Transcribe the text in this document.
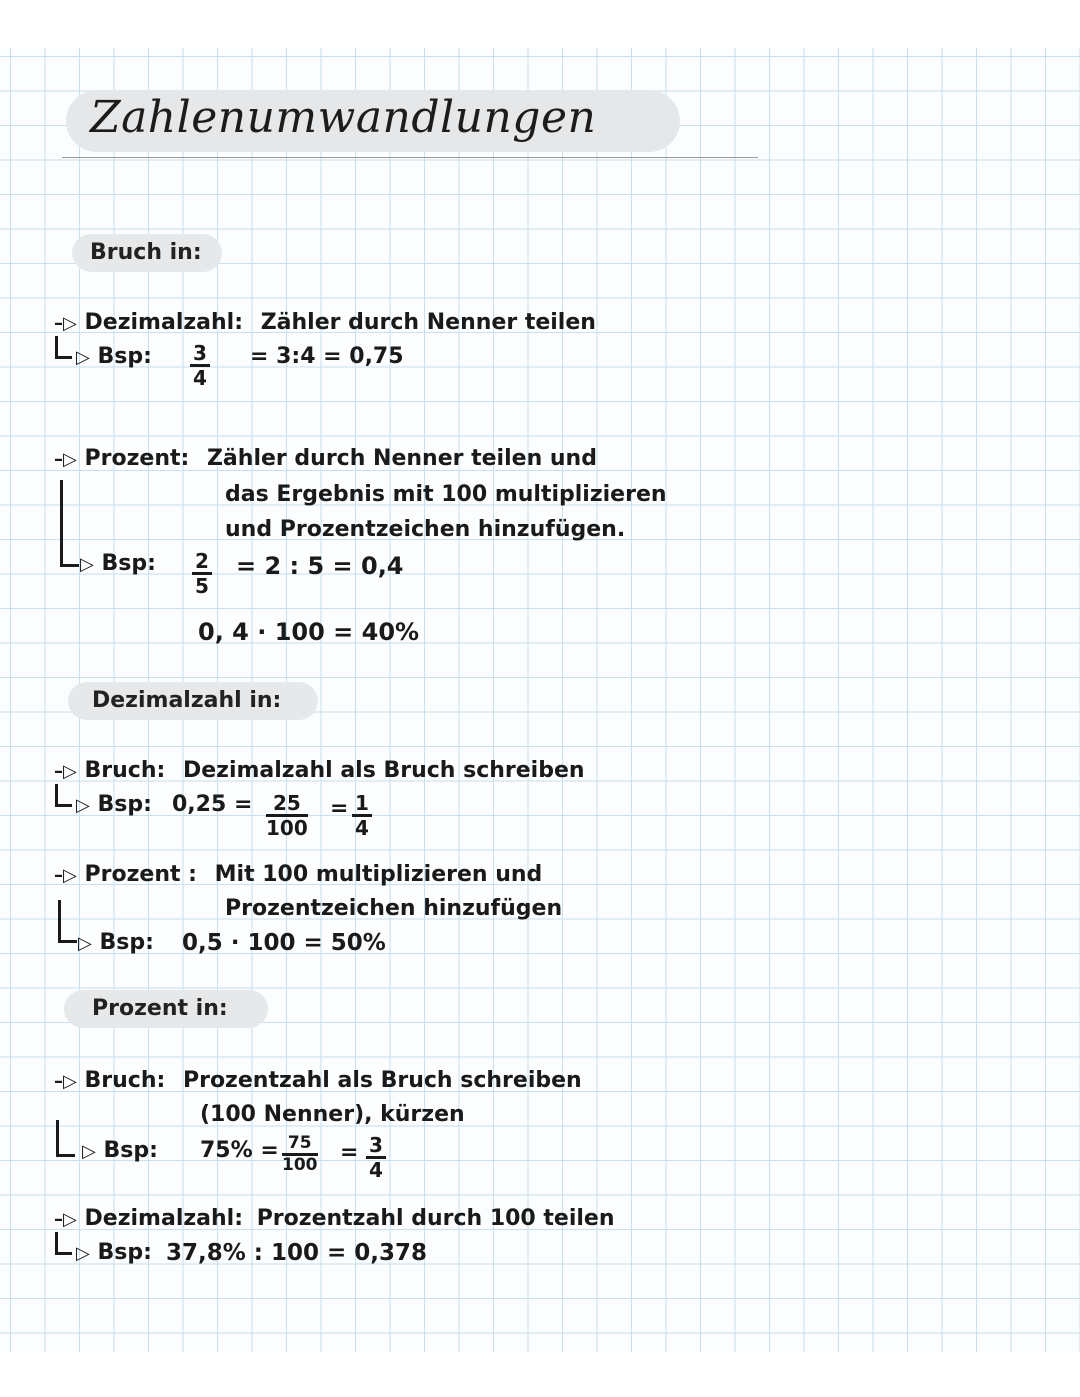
Zahlenumwandlungen
Bruch in:
–▷ Dezimalzahl: Zähler durch Nenner teilen
▷ Bsp: $\frac{3}{4}$ = 3:4 = 0,75
–▷ Prozent: Zähler durch Nenner teilen und
das Ergebnis mit 100 multiplizieren
und Prozentzeichen hinzufügen.
▷ Bsp: $\frac{2}{5} = 2$ : 5 = 0,4
0, 4 · 100 = 40%
Dezimalzahl in:
–▷ Bruch: Dezimalzahl als Bruch schreiben
▷ Bsp: $0,25 = \frac{25}{100} = \frac{1}{4}$
–▷ Prozent : Mit 100 multiplizieren und
Prozentzeichen hinzufügen
▷ Bsp: 0,5 · 100 = 50%
Prozent in:
–▷ Bruch: Prozentzahl als Bruch schreiben
(100 Nenner), kürzen
▷ Bsp: $75\% = \frac{75}{100} = \frac{3}{4}$
–▷ Dezimalzahl: Prozentzahl durch 100 teilen
▷ Bsp: 37,8% : 100 = 0,378
